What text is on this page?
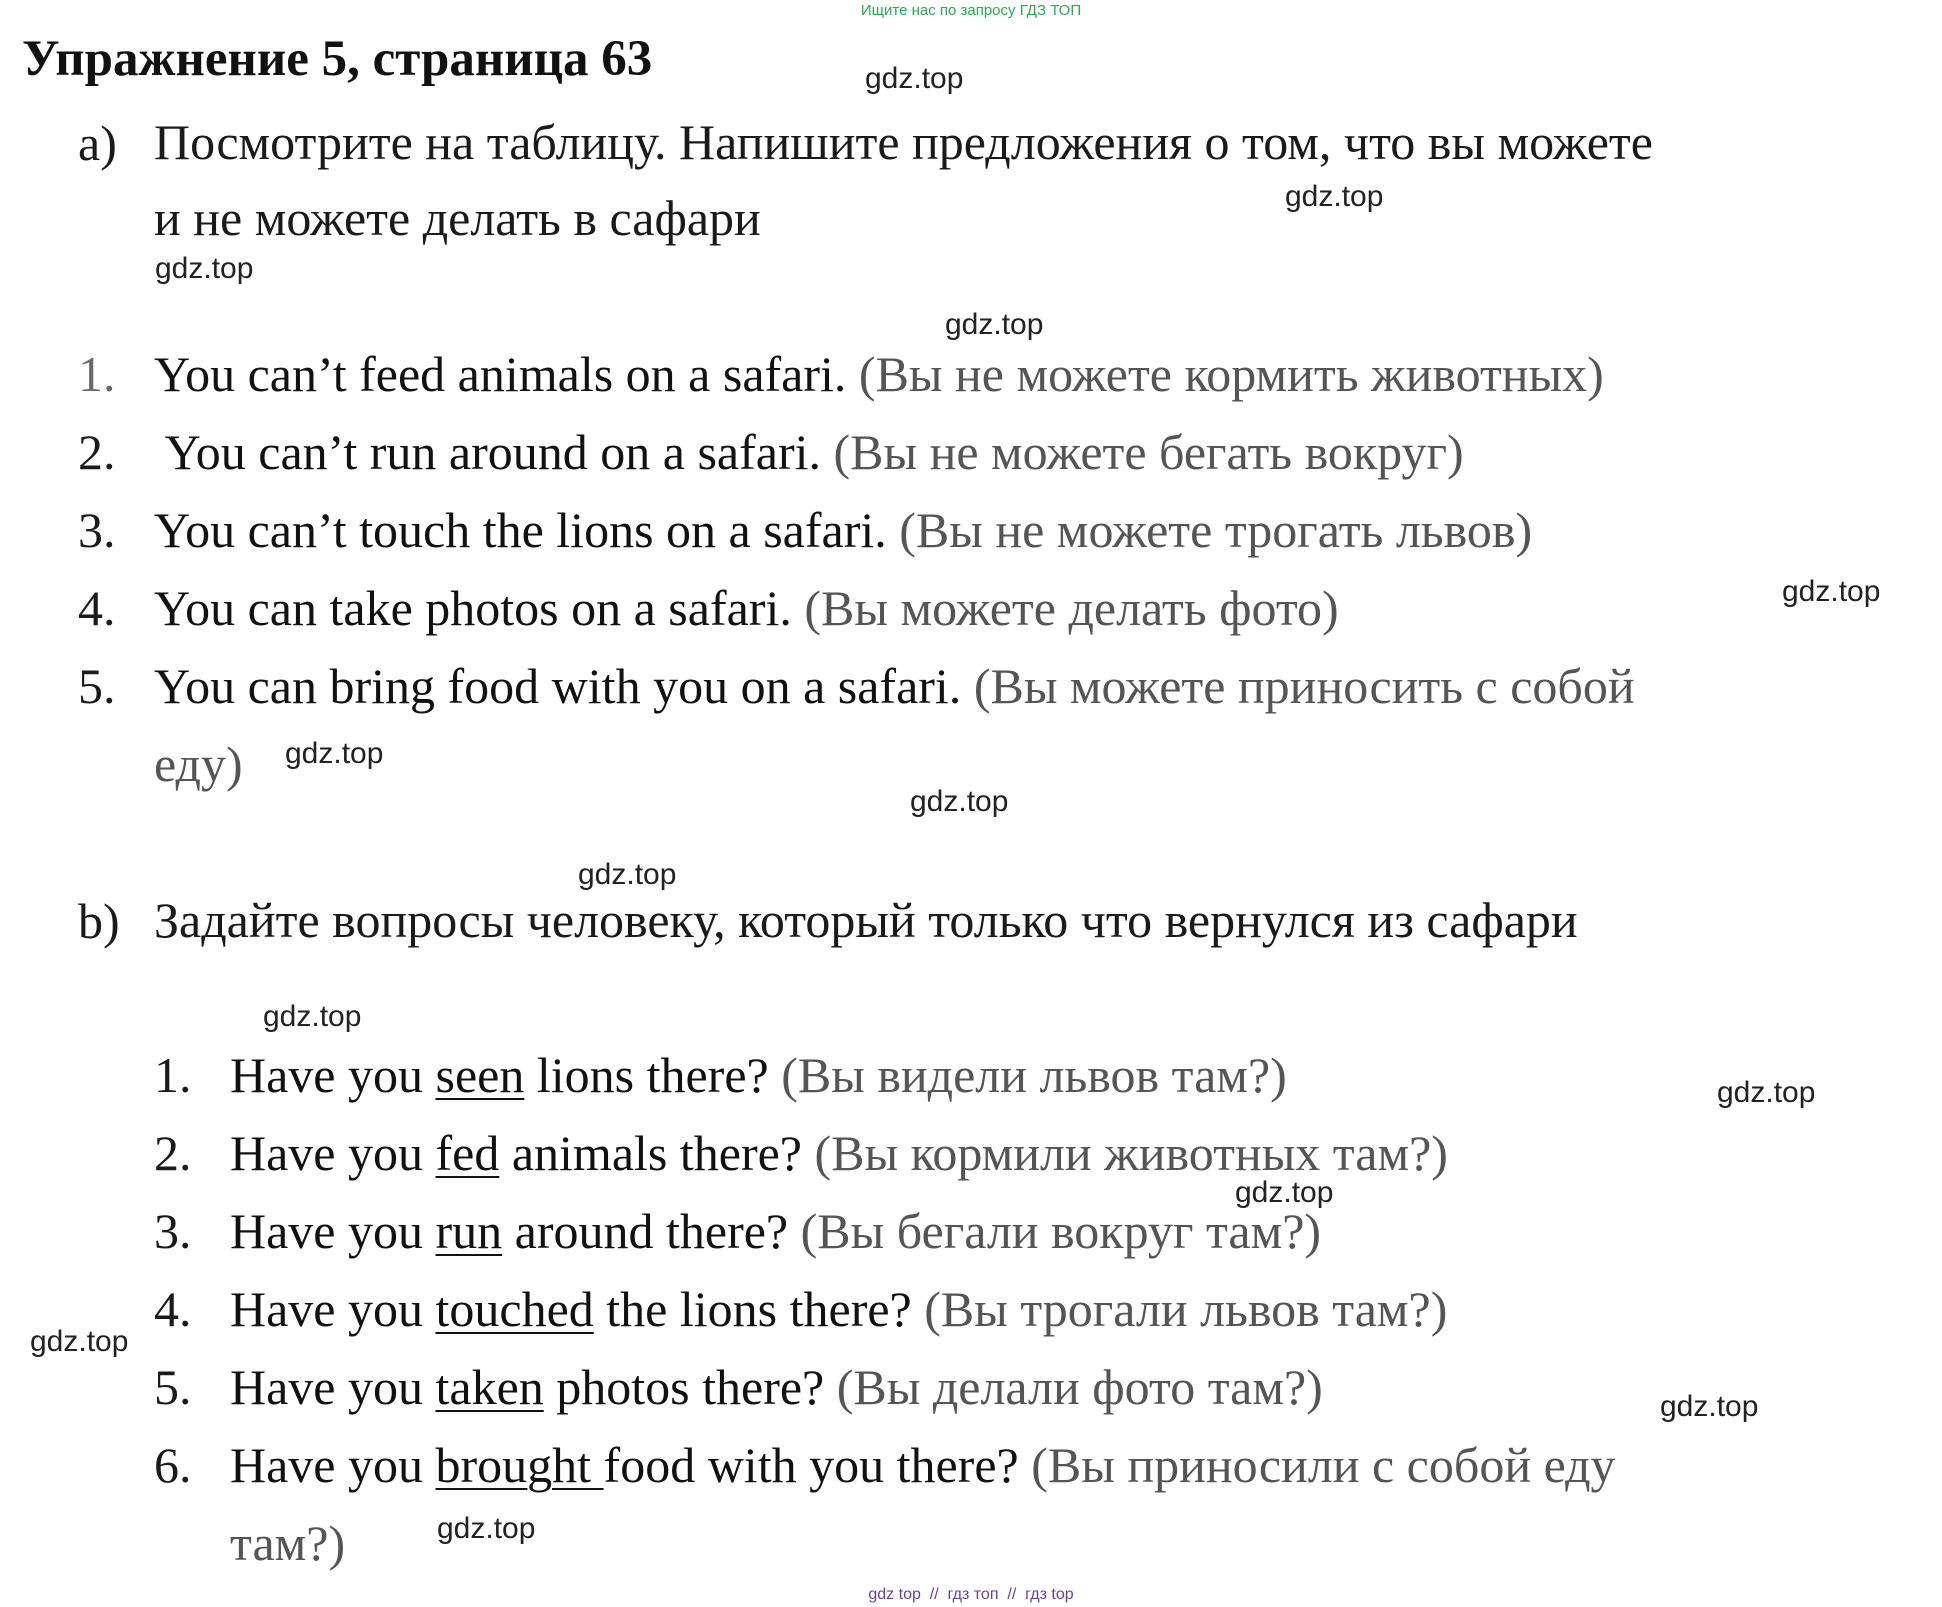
Ищите нас по запросу ГДЗ ТОП
Упражнение 5, страница 63
a) Посмотрите на таблицу. Напишите предложения о том, что вы можете
и не можете делать в сафари
1. You can’t feed animals on a safari. (Вы не можете кормить животных)
2. You can’t run around on a safari. (Вы не можете бегать вокруг)
3. You can’t touch the lions on a safari. (Вы не можете трогать львов)
4. You can take photos on a safari. (Вы можете делать фото)
5. You can bring food with you on a safari. (Вы можете приносить с собой
еду)
b) Задайте вопросы человеку, который только что вернулся из сафари
1. Have you seen lions there? (Вы видели львов там?)
2. Have you fed animals there? (Вы кормили животных там?)
3. Have you run around there? (Вы бегали вокруг там?)
4. Have you touched the lions there? (Вы трогали львов там?)
5. Have you taken photos there? (Вы делали фото там?)
6. Have you brought food with you there? (Вы приносили с собой еду
там?)
gdz.top
gdz.top
gdz.top
gdz.top
gdz.top
gdz.top
gdz.top
gdz.top
gdz.top
gdz.top
gdz.top
gdz.top
gdz.top
gdz.top
gdz top  //  гдз топ  //  гдз top
